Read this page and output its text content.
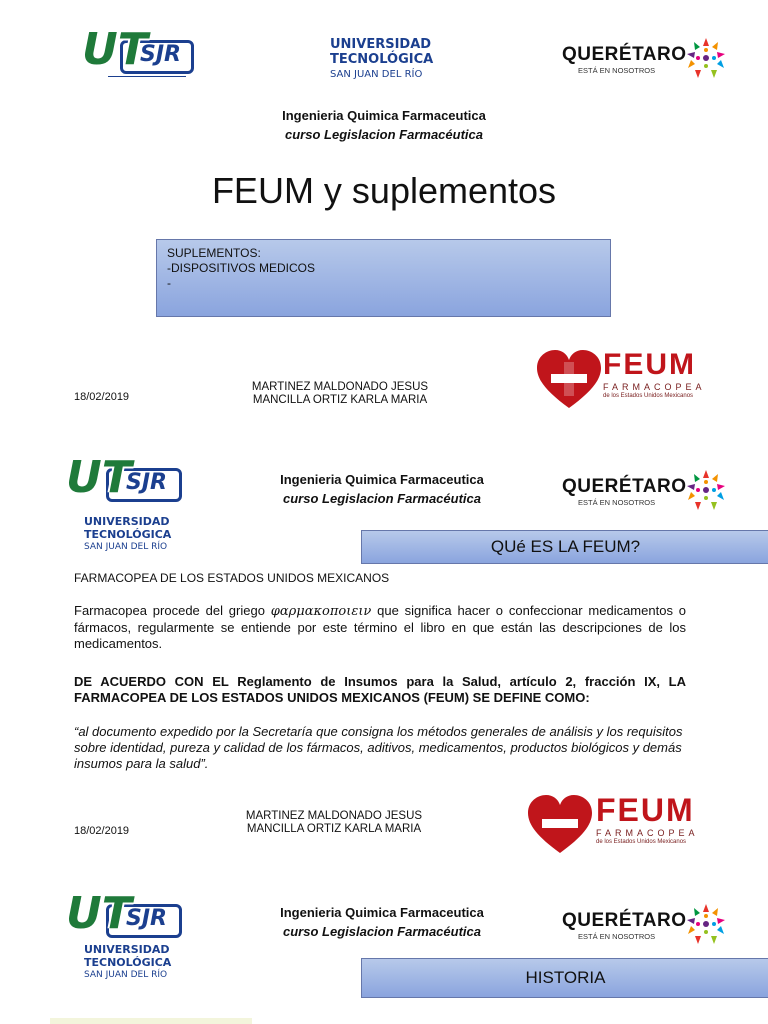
UT
SJR	UNIVERSIDAD
TECNOLÓGICA
SAN JUAN DEL RÍO
QUERÉTARO
ESTÁ EN NOSOTROS
Ingenieria Quimica Farmaceutica
curso Legislacion Farmacéutica
FEUM y suplementos
SUPLEMENTOS:
-DISPOSITIVOS MEDICOS
-
18/02/2019
MARTINEZ MALDONADO JESUS
MANCILLA ORTIZ KARLA MARIA
FEUM
FARMACOPEA
de los Estados Unidos Mexicanos
UT
SJR
UNIVERSIDAD
TECNOLÓGICA
SAN JUAN DEL RÍO
Ingenieria Quimica Farmaceutica
curso Legislacion Farmacéutica
QUERÉTARO
ESTÁ EN NOSOTROS
QUé ES LA FEUM?
FARMACOPEA DE LOS ESTADOS UNIDOS MEXICANOS
Farmacopea procede del griego φαρμακοποιειν que significa hacer o confeccionar medicamentos o fármacos, regularmente se entiende por este término el libro en que están las descripciones de los medicamentos.
DE ACUERDO CON EL Reglamento de Insumos para la Salud, artículo 2, fracción IX, LA FARMACOPEA DE LOS ESTADOS UNIDOS MEXICANOS (FEUM) SE DEFINE COMO:
“al documento expedido por la Secretaría que consigna los métodos generales de análisis y los requisitos sobre identidad, pureza y calidad de los fármacos, aditivos, medicamentos, productos biológicos y demás insumos para la salud”.
18/02/2019
MARTINEZ MALDONADO JESUS
MANCILLA ORTIZ KARLA MARIA
FEUM
FARMACOPEA
de los Estados Unidos Mexicanos
UT
SJR
UNIVERSIDAD
TECNOLÓGICA
SAN JUAN DEL RÍO
Ingenieria Quimica Farmaceutica
curso Legislacion Farmacéutica
QUERÉTARO
ESTÁ EN NOSOTROS
HISTORIA
